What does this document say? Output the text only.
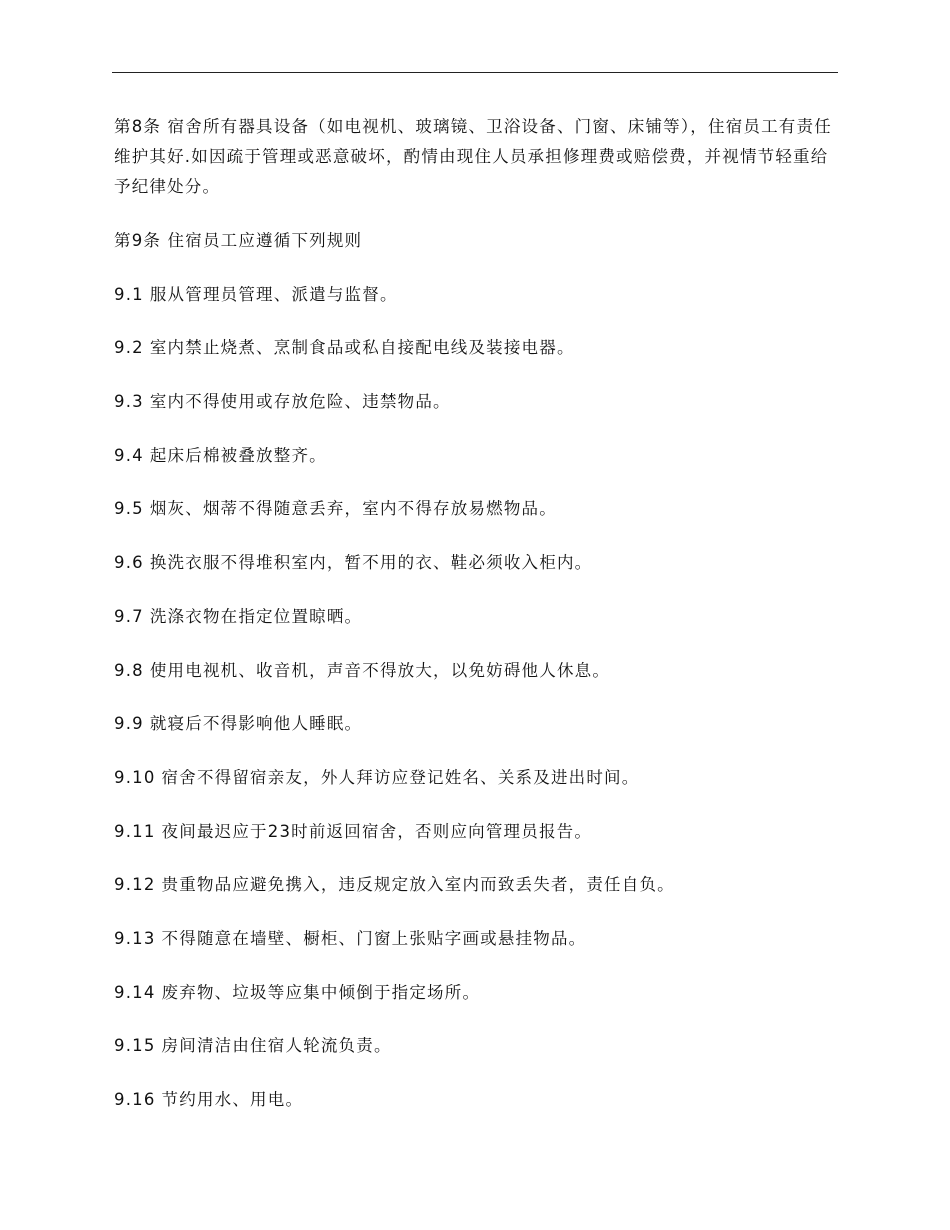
第8条 宿舍所有器具设备（如电视机、玻璃镜、卫浴设备、门窗、床铺等），住宿员工有责任维护其好.如因疏于管理或恶意破坏，酌情由现住人员承担修理费或赔偿费，并视情节轻重给予纪律处分。

第9条 住宿员工应遵循下列规则

9.1 服从管理员管理、派遣与监督。

9.2 室内禁止烧煮、烹制食品或私自接配电线及装接电器。

9.3 室内不得使用或存放危险、违禁物品。

9.4 起床后棉被叠放整齐。

9.5 烟灰、烟蒂不得随意丢弃，室内不得存放易燃物品。

9.6 换洗衣服不得堆积室内，暂不用的衣、鞋必须收入柜内。

9.7 洗涤衣物在指定位置晾晒。

9.8 使用电视机、收音机，声音不得放大，以免妨碍他人休息。

9.9 就寝后不得影响他人睡眠。

9.10 宿舍不得留宿亲友，外人拜访应登记姓名、关系及进出时间。

9.11 夜间最迟应于23时前返回宿舍，否则应向管理员报告。

9.12 贵重物品应避免携入，违反规定放入室内而致丢失者，责任自负。

9.13 不得随意在墙壁、橱柜、门窗上张贴字画或悬挂物品。

9.14 废弃物、垃圾等应集中倾倒于指定场所。

9.15 房间清洁由住宿人轮流负责。

9.16 节约用水、用电。
